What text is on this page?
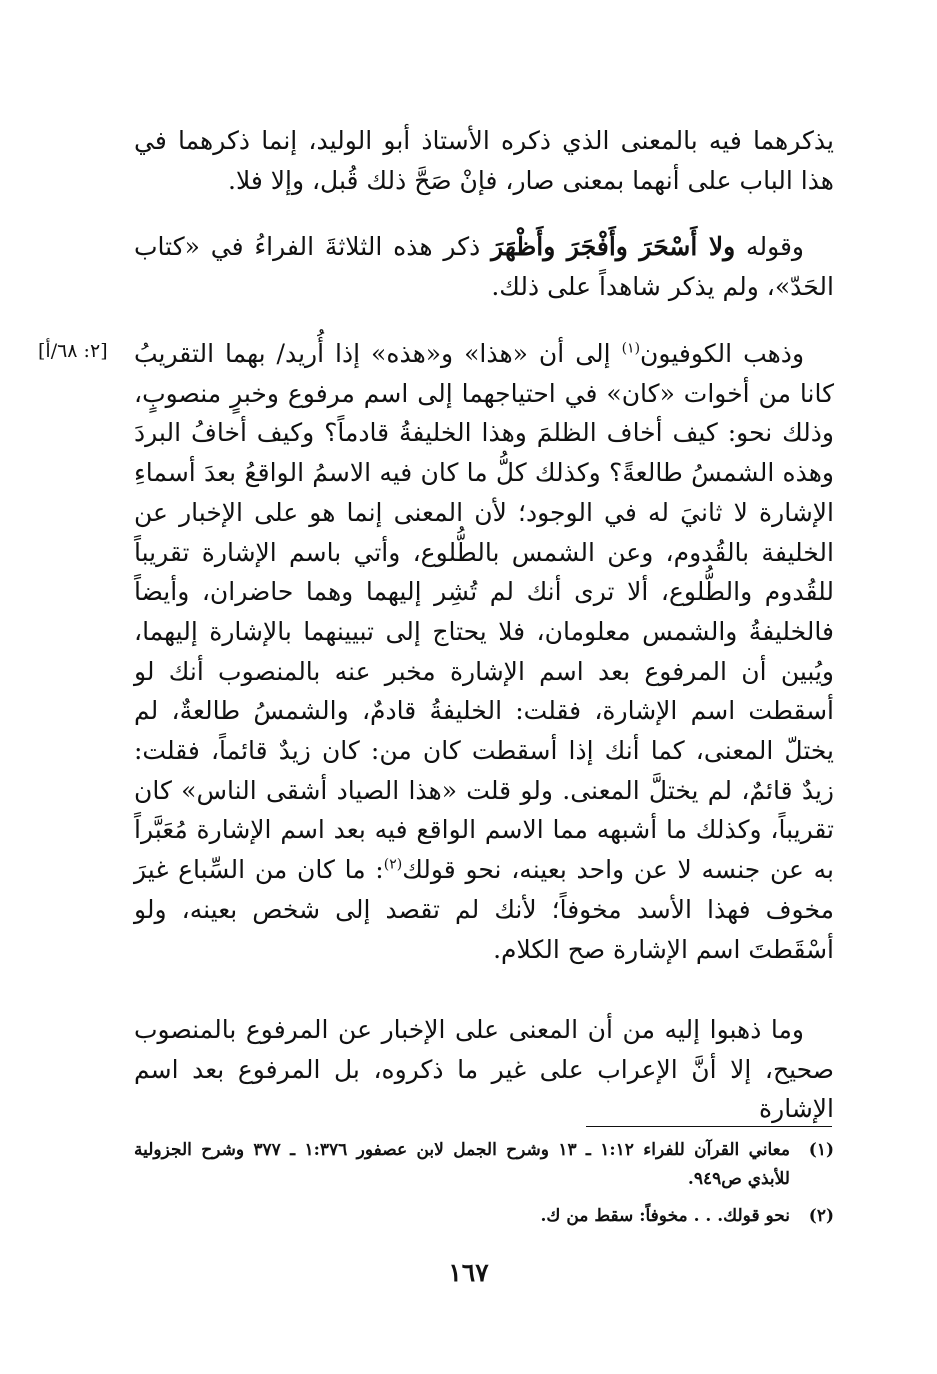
يذكرهما فيه بالمعنى الذي ذكره الأستاذ أبو الوليد، إنما ذكرهما في هذا الباب على أنهما بمعنى صار، فإنْ صَحَّ ذلك قُبل، وإلا فلا.

وقوله ولا أَسْحَرَ وأَفْجَرَ وأَظْهَرَ ذكر هذه الثلاثةَ الفراءُ في «كتاب الحَدّ»، ولم يذكر شاهداً على ذلك.

[٢: ٦٨/أ]	وذهب الكوفيون$^{(١)}$ إلى أن «هذا» و«هذه» إذا أُريد/ بهما التقريبُ كانا من أخوات «كان» في احتياجهما إلى اسم مرفوع وخبرٍ منصوبٍ، وذلك نحو: كيف أخاف الظلمَ وهذا الخليفةُ قادماً؟ وكيف أخافُ البردَ وهذه الشمسُ طالعةً؟ وكذلك كلُّ ما كان فيه الاسمُ الواقعُ بعدَ أسماءِ الإشارة لا ثانيَ له في الوجود؛ لأن المعنى إنما هو على الإخبار عن الخليفة بالقُدوم، وعن الشمس بالطُّلوع، وأتي باسم الإشارة تقريباً للقُدوم والطُّلوع، ألا ترى أنك لم تُشِر إليهما وهما حاضران، وأيضاً فالخليفةُ والشمس معلومان، فلا يحتاج إلى تبيينهما بالإشارة إليهما، ويُبين أن المرفوع بعد اسم الإشارة مخبر عنه بالمنصوب أنك لو أسقطت اسم الإشارة، فقلت: الخليفةُ قادمٌ، والشمسُ طالعةٌ، لم يختلّ المعنى، كما أنك إذا أسقطت كان من: كان زيدٌ قائماً، فقلت: زيدٌ قائمٌ، لم يختلَّ المعنى. ولو قلت «هذا الصياد أشقى الناس» كان تقريباً، وكذلك ما أشبهه مما الاسم الواقع فيه بعد اسم الإشارة مُعَبَّراً به عن جنسه لا عن واحد بعينه، نحو قولك$^{(٢)}$: ما كان من السِّباع غيرَ مخوف فهذا الأسد مخوفاً؛ لأنك لم تقصد إلى شخص بعينه، ولو أسْقَطتَ اسم الإشارة صح الكلام.

وما ذهبوا إليه من أن المعنى على الإخبار عن المرفوع بالمنصوب صحيح، إلا أنَّ الإعراب على غير ما ذكروه، بل المرفوع بعد اسم الإشارة

(١)
معاني القرآن للفراء ١:١٢ ـ ١٣ وشرح الجمل لابن عصفور ١:٣٧٦ ـ ٣٧٧ وشرح الجزولية للأبذي ص٩٤٩.
(٢)
نحو قولك. . . مخوفاً: سقط من ك.
١٦٧
